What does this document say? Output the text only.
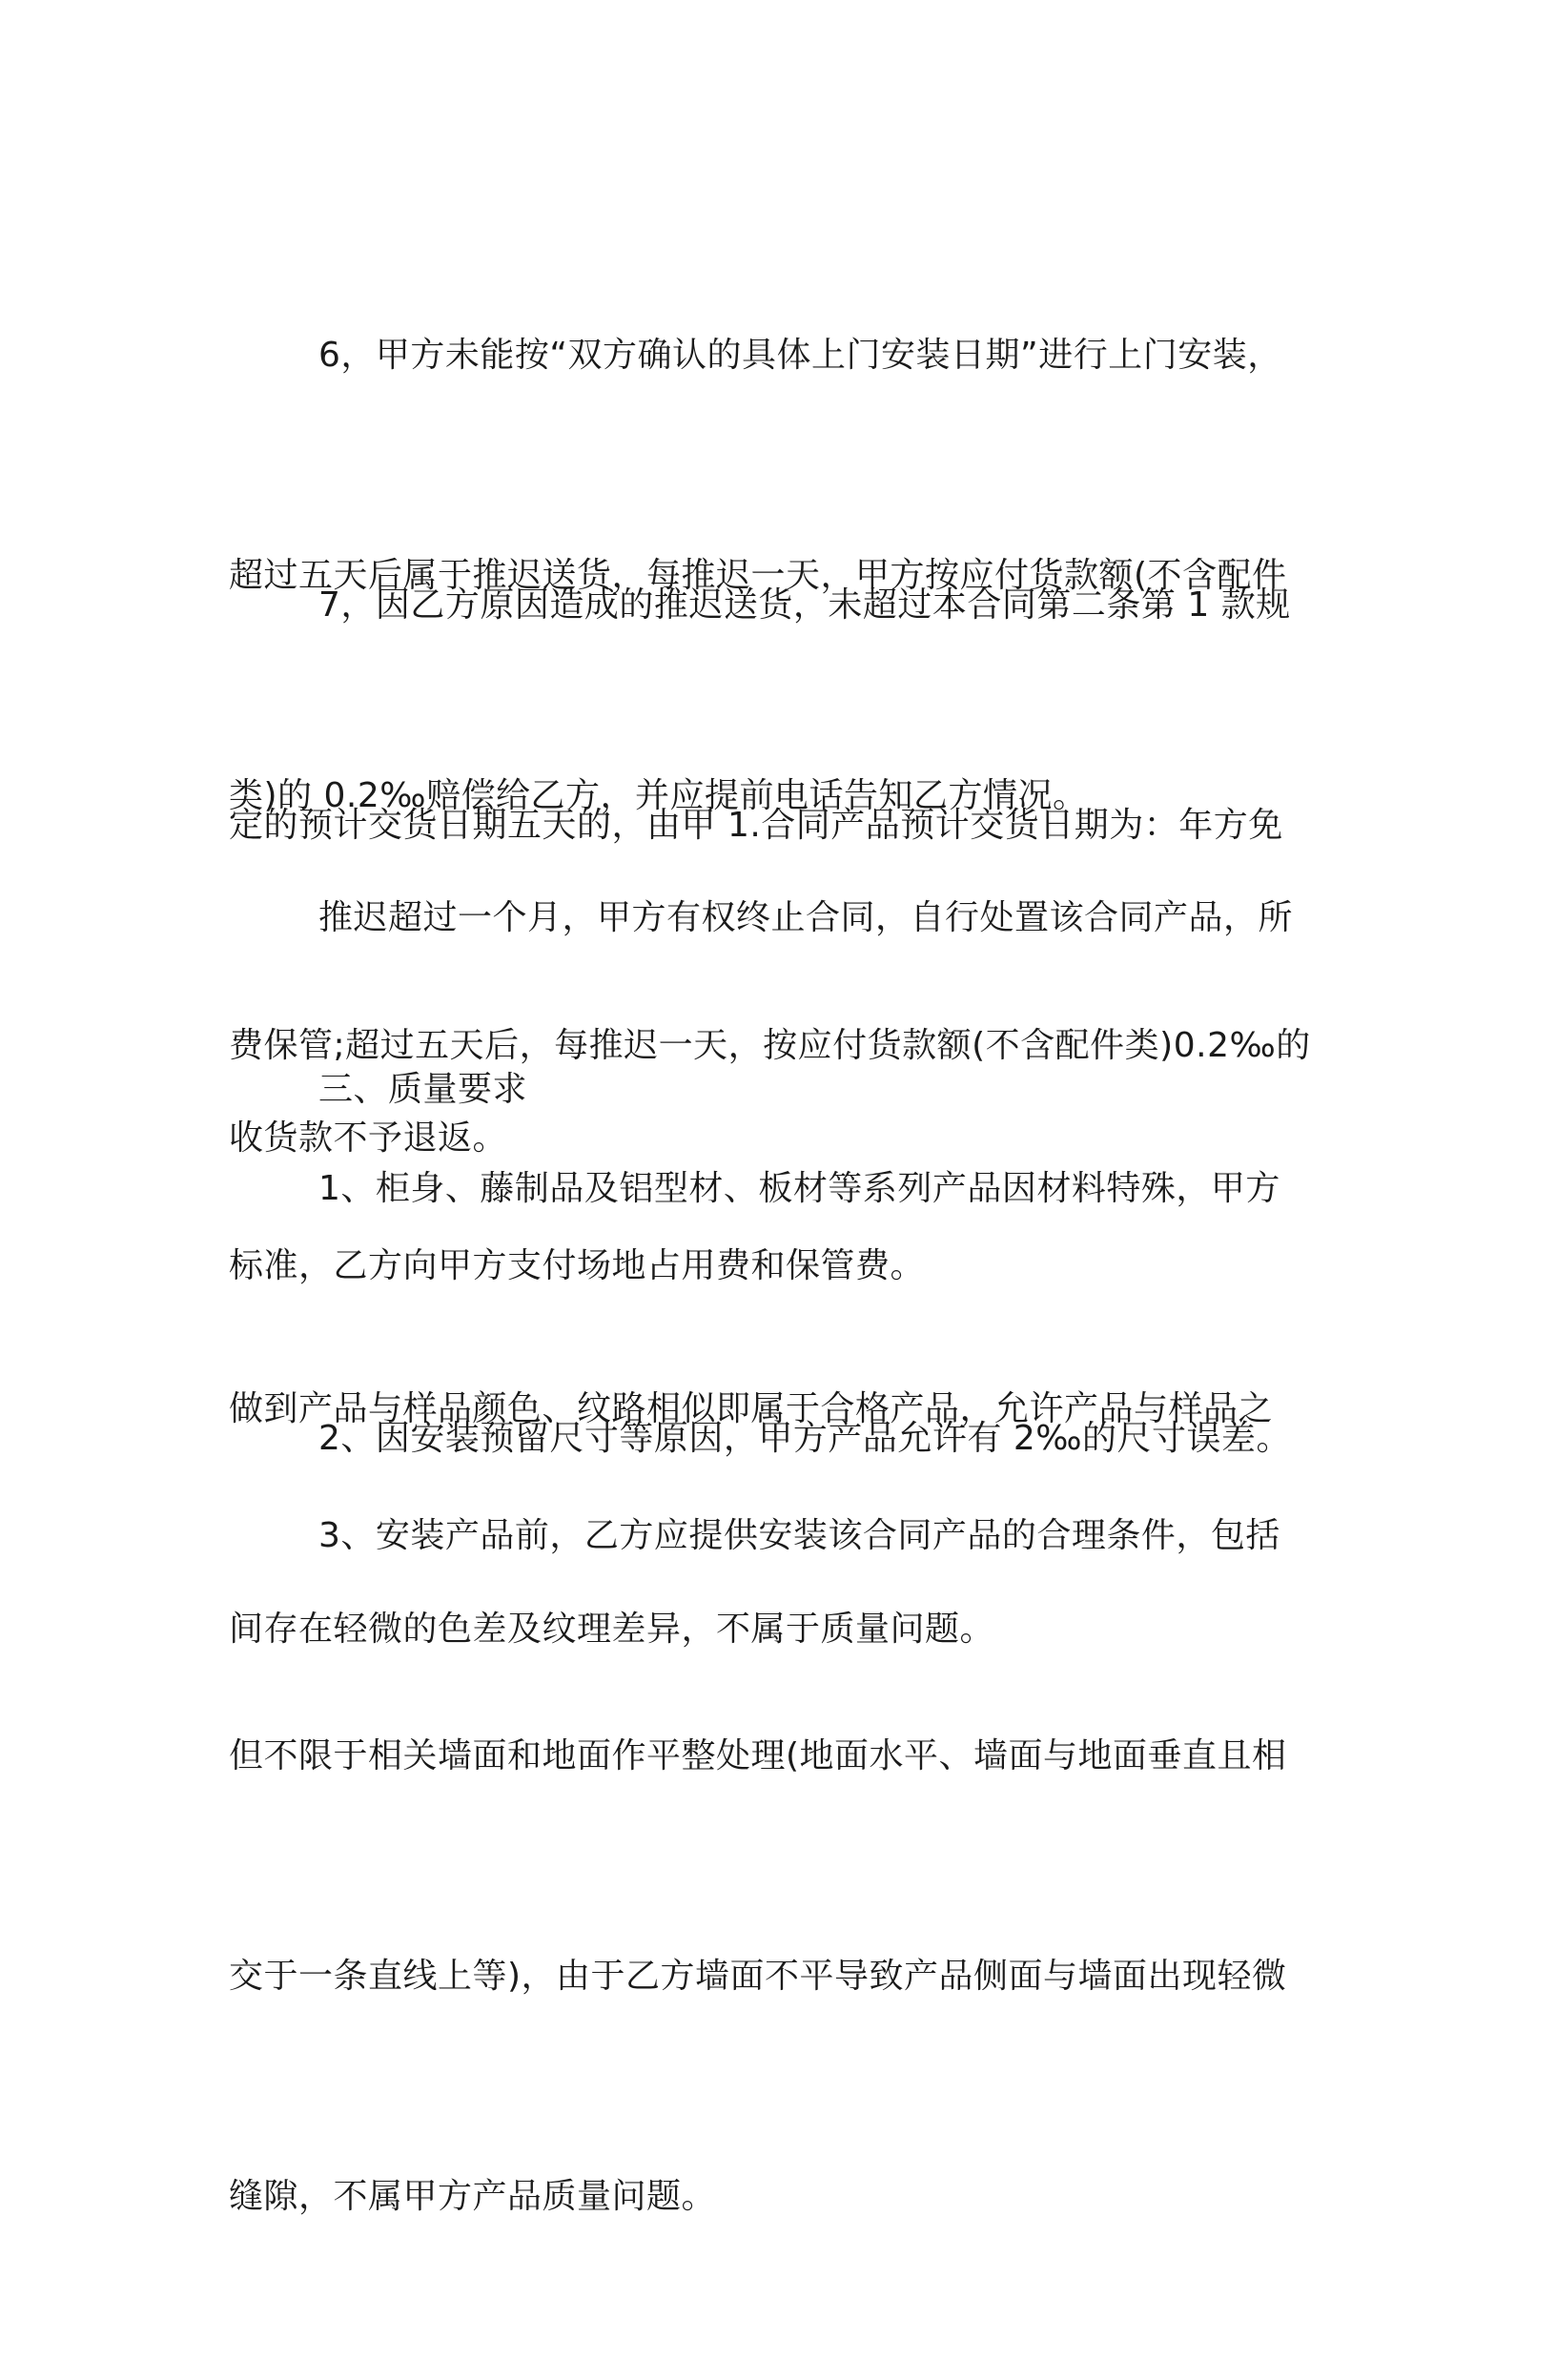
6，甲方未能按“双方确认的具体上门安装日期”进行上门安装，

超过五天后属于推迟送货，每推迟一天，甲方按应付货款额(不含配件

类)的 0.2‰赔偿给乙方，并应提前电话告知乙方情况。

7，因乙方原因造成的推迟送货，未超过本合同第二条第 1 款规

定的预计交货日期五天的，由甲 1.合同产品预计交货日期为：年方免

费保管;超过五天后，每推迟一天，按应付货款额(不含配件类)0.2‰的

标准，乙方向甲方支付场地占用费和保管费。

推迟超过一个月，甲方有权终止合同，自行处置该合同产品，所

收货款不予退返。

三、质量要求

1、柜身、藤制品及铝型材、板材等系列产品因材料特殊，甲方

做到产品与样品颜色、纹路相似即属于合格产品，允许产品与样品之

间存在轻微的色差及纹理差异，不属于质量问题。

2、因安装预留尺寸等原因，甲方产品允许有 2‰的尺寸误差。

3、安装产品前，乙方应提供安装该合同产品的合理条件，包括

但不限于相关墙面和地面作平整处理(地面水平、墙面与地面垂直且相

交于一条直线上等)，由于乙方墙面不平导致产品侧面与墙面出现轻微

缝隙，不属甲方产品质量问题。
